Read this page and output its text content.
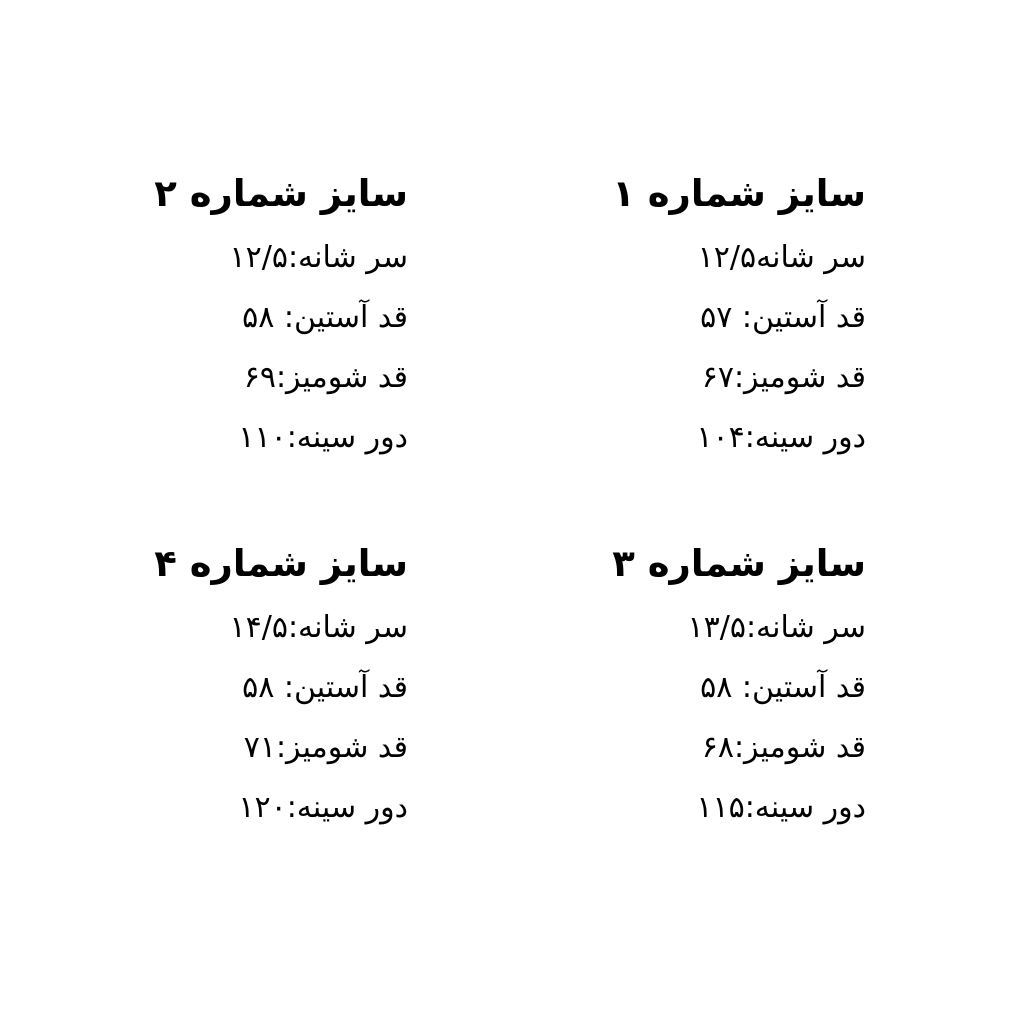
سایز شماره ۱
سر شانه۱۲/۵
قد آستین: ۵۷
قد شومیز:۶۷
دور سینه:۱۰۴
سایز شماره ۲
سر شانه:۱۲/۵
قد آستین: ۵۸
قد شومیز:۶۹
دور سینه:۱۱۰
سایز شماره ۳
سر شانه:۱۳/۵
قد آستین: ۵۸
قد شومیز:۶۸
دور سینه:۱۱۵
سایز شماره ۴
سر شانه:۱۴/۵
قد آستین: ۵۸
قد شومیز:۷۱
دور سینه:۱۲۰
